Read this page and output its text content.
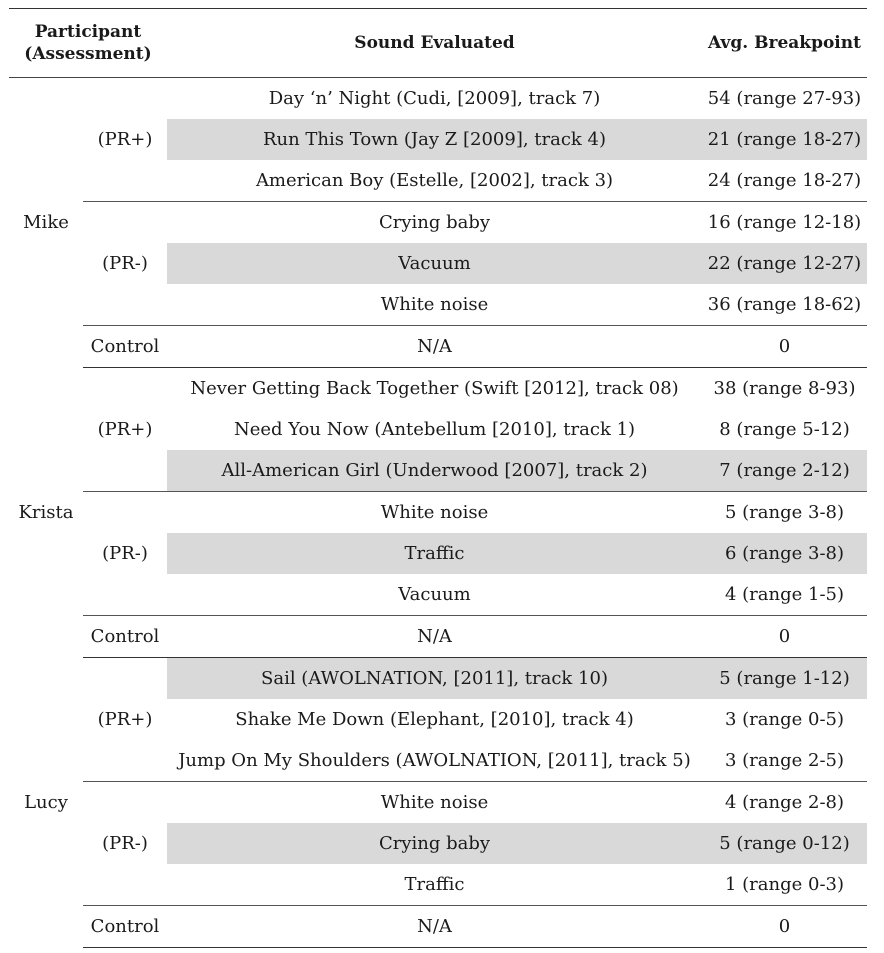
Participant
(Assessment)		Sound Evaluated	Avg. Breakpoint
Mike	(PR+)	Day ‘n’ Night (Cudi, [2009], track 7)	54 (range 27-93)
		Run This Town (Jay Z [2009], track 4)	21 (range 18-27)
		American Boy (Estelle, [2002], track 3)	24 (range 18-27)
	(PR-)	Crying baby	16 (range 12-18)
		Vacuum	22 (range 12-27)
		White noise	36 (range 18-62)
	Control	N/A	0
Krista	(PR+)	Never Getting Back Together (Swift [2012], track 08)	38 (range 8-93)
		Need You Now (Antebellum [2010], track 1)	8 (range 5-12)
		All-American Girl (Underwood [2007], track 2)	7 (range 2-12)
	(PR-)	White noise	5 (range 3-8)
		Traffic	6 (range 3-8)
		Vacuum	4 (range 1-5)
	Control	N/A	0
Lucy	(PR+)	Sail (AWOLNATION, [2011], track 10)	5 (range 1-12)
		Shake Me Down (Elephant, [2010], track 4)	3 (range 0-5)
		Jump On My Shoulders (AWOLNATION, [2011], track 5)	3 (range 2-5)
	(PR-)	White noise	4 (range 2-8)
		Crying baby	5 (range 0-12)
		Traffic	1 (range 0-3)
	Control	N/A	0
